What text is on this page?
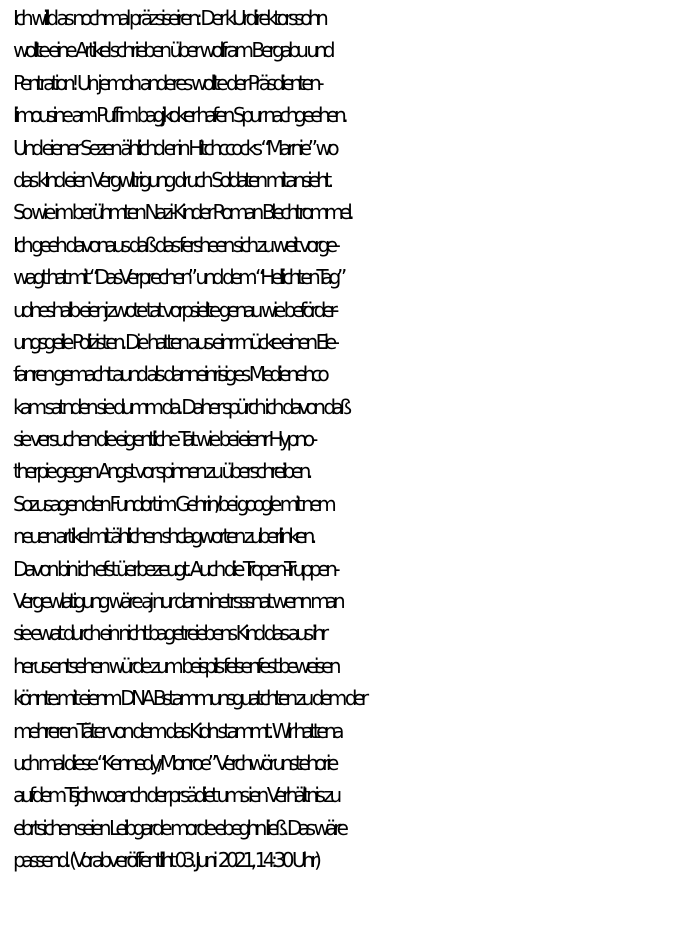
Ich willd as nochmal präzsiseiren: Der kUrdirektorssohn
wollte eine Artikel schrieben über wolfram Bergabu und
Pentration! Un jemdn anderes wollte der Präsdienten-
limousine am Puff im bagjkoker hafen Spur nachgeehen.
Und eiener Sezen ählichd er in Hitchccocks “Marnie” wo
das kInd eien Vergwltrigung druch Soldaten mitansieht.
So wie im berühmten Nazi-Kinder Roman Blechtrommel.
Ich geeh davonaus daß das fersheen sich zu weit vorge-
wagt hat mit “DasVerprechen” und dem “HellichtenTag”
udneshalb eienj zwote tat vorpsielte genau wie beförder-
ungsgeile Polizisten. Die hatten aus einr mücke einen Ele-
fanren gemacht aund als danneinrisiges Medienehco
kam satnden sie dumm da. Daher spürch ich davon daß
sie versuchen die eigentliche Tat wie bei eienr Hypno-
therpie gegen Angst vor spinnen zu überschreiben.
Sozusagen den Fundort im Gehrin/bei google mit nem
neuen artikel mit ählichen shclagworten zuberlinken.
Davon bin ich efst üerbezeugt. Auch die Tropen-Truppen-
Vergewlatigung wäre aj nur dann inetrsssnat wenn man
sie ewat durch ein nicht bagetreiebens Kind das aus ihr
herus entsehen würde zum beispils felsenfest beweisen
könnte.mit eienm DNA Bstammunsguatchten zu dem der
mehreren Täter von dem das Kidn stammt. Wir hattena
uch mal diese “Kennedy/Monroe” Verchwörunstehorie
aufdem Tsjcih woanch der prsädiet ums ien Verhältnis zu
ebrtsichen seien Leibgarde morde ebeghn ließ. Das wäre
passend. (Vorabveröffentliht 03. Juni  2021, 14:30 Uhr)
